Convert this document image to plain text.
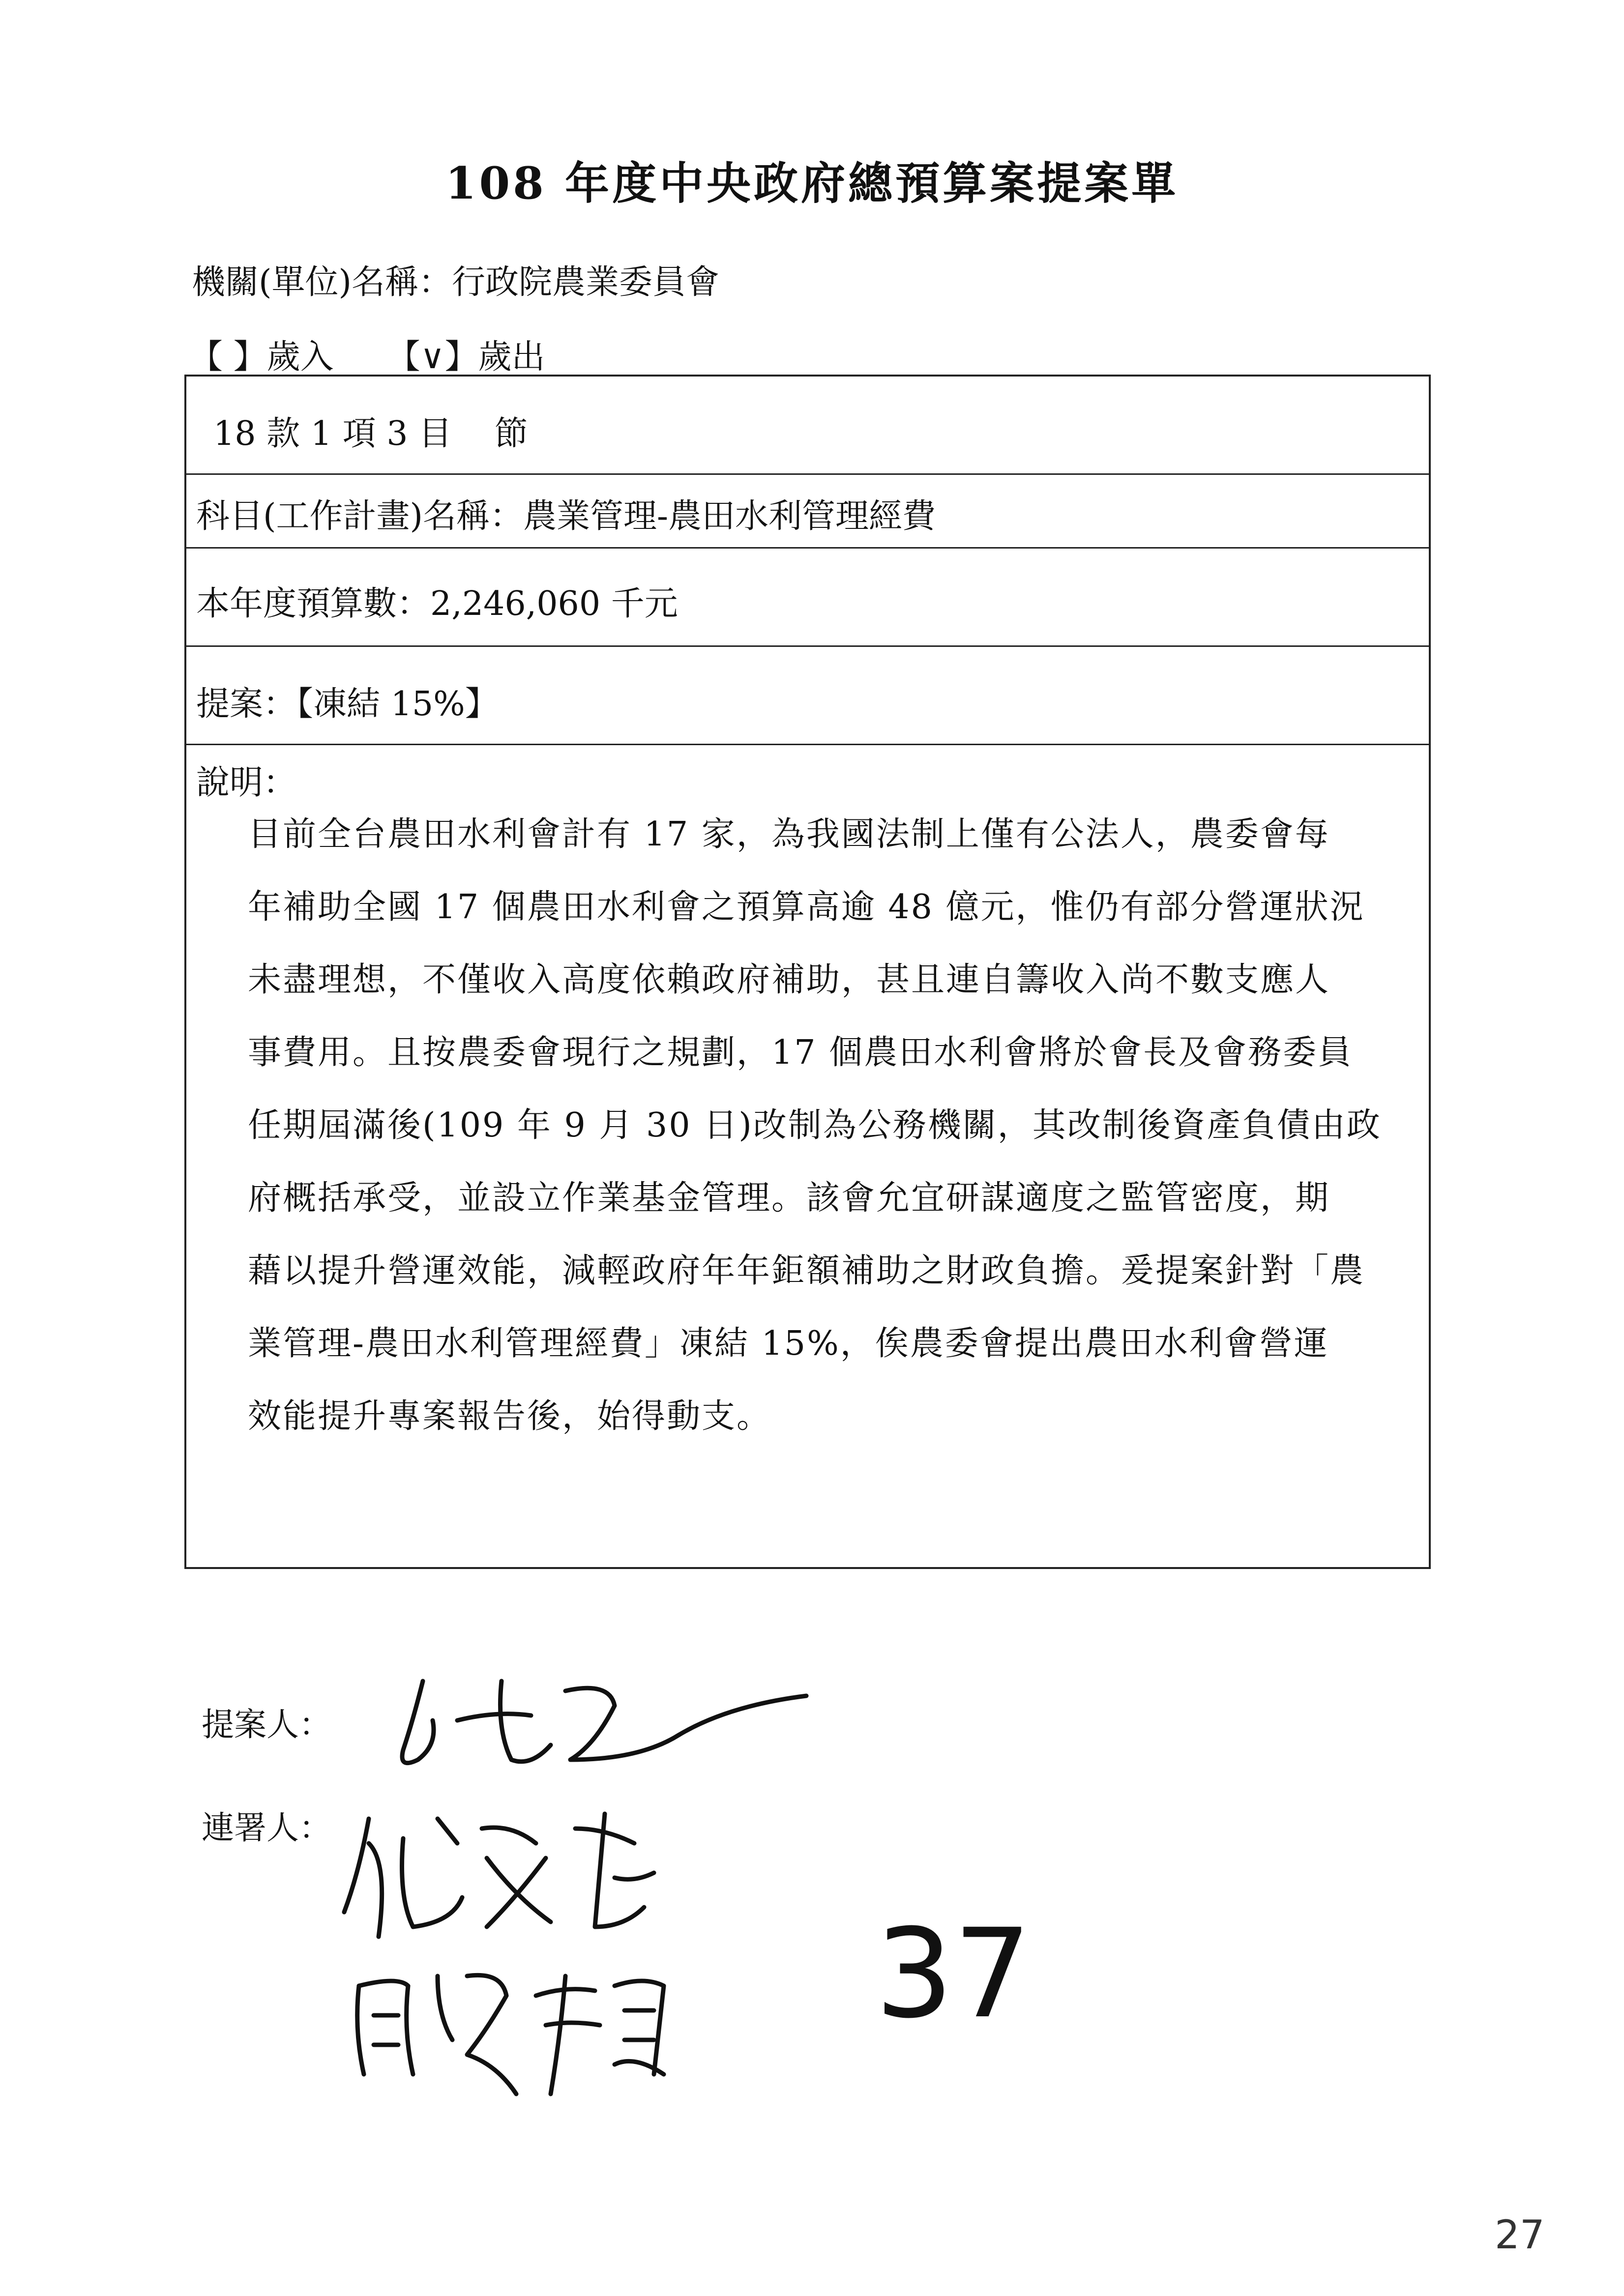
108 年度中央政府總預算案提案單
機關(單位)名稱：行政院農業委員會
【 】歲入     【∨】歲出

18 款 1 項 3 目    節

科目(工作計畫)名稱：農業管理-農田水利管理經費

本年度預算數：2,246,060 千元

提案：【凍結 15%】

說明：
目前全台農田水利會計有 17 家，為我國法制上僅有公法人，農委會每
年補助全國 17 個農田水利會之預算高逾 48 億元，惟仍有部分營運狀況
未盡理想，不僅收入高度依賴政府補助，甚且連自籌收入尚不數支應人
事費用。且按農委會現行之規劃，17 個農田水利會將於會長及會務委員
任期屆滿後(109 年 9 月 30 日)改制為公務機關，其改制後資產負債由政
府概括承受，並設立作業基金管理。該會允宜研謀適度之監管密度，期
藉以提升營運效能，減輕政府年年鉅額補助之財政負擔。爰提案針對「農
業管理-農田水利管理經費」凍結 15%，俟農委會提出農田水利會營運
效能提升專案報告後，始得動支。
提案人：
連署人：
37
27
